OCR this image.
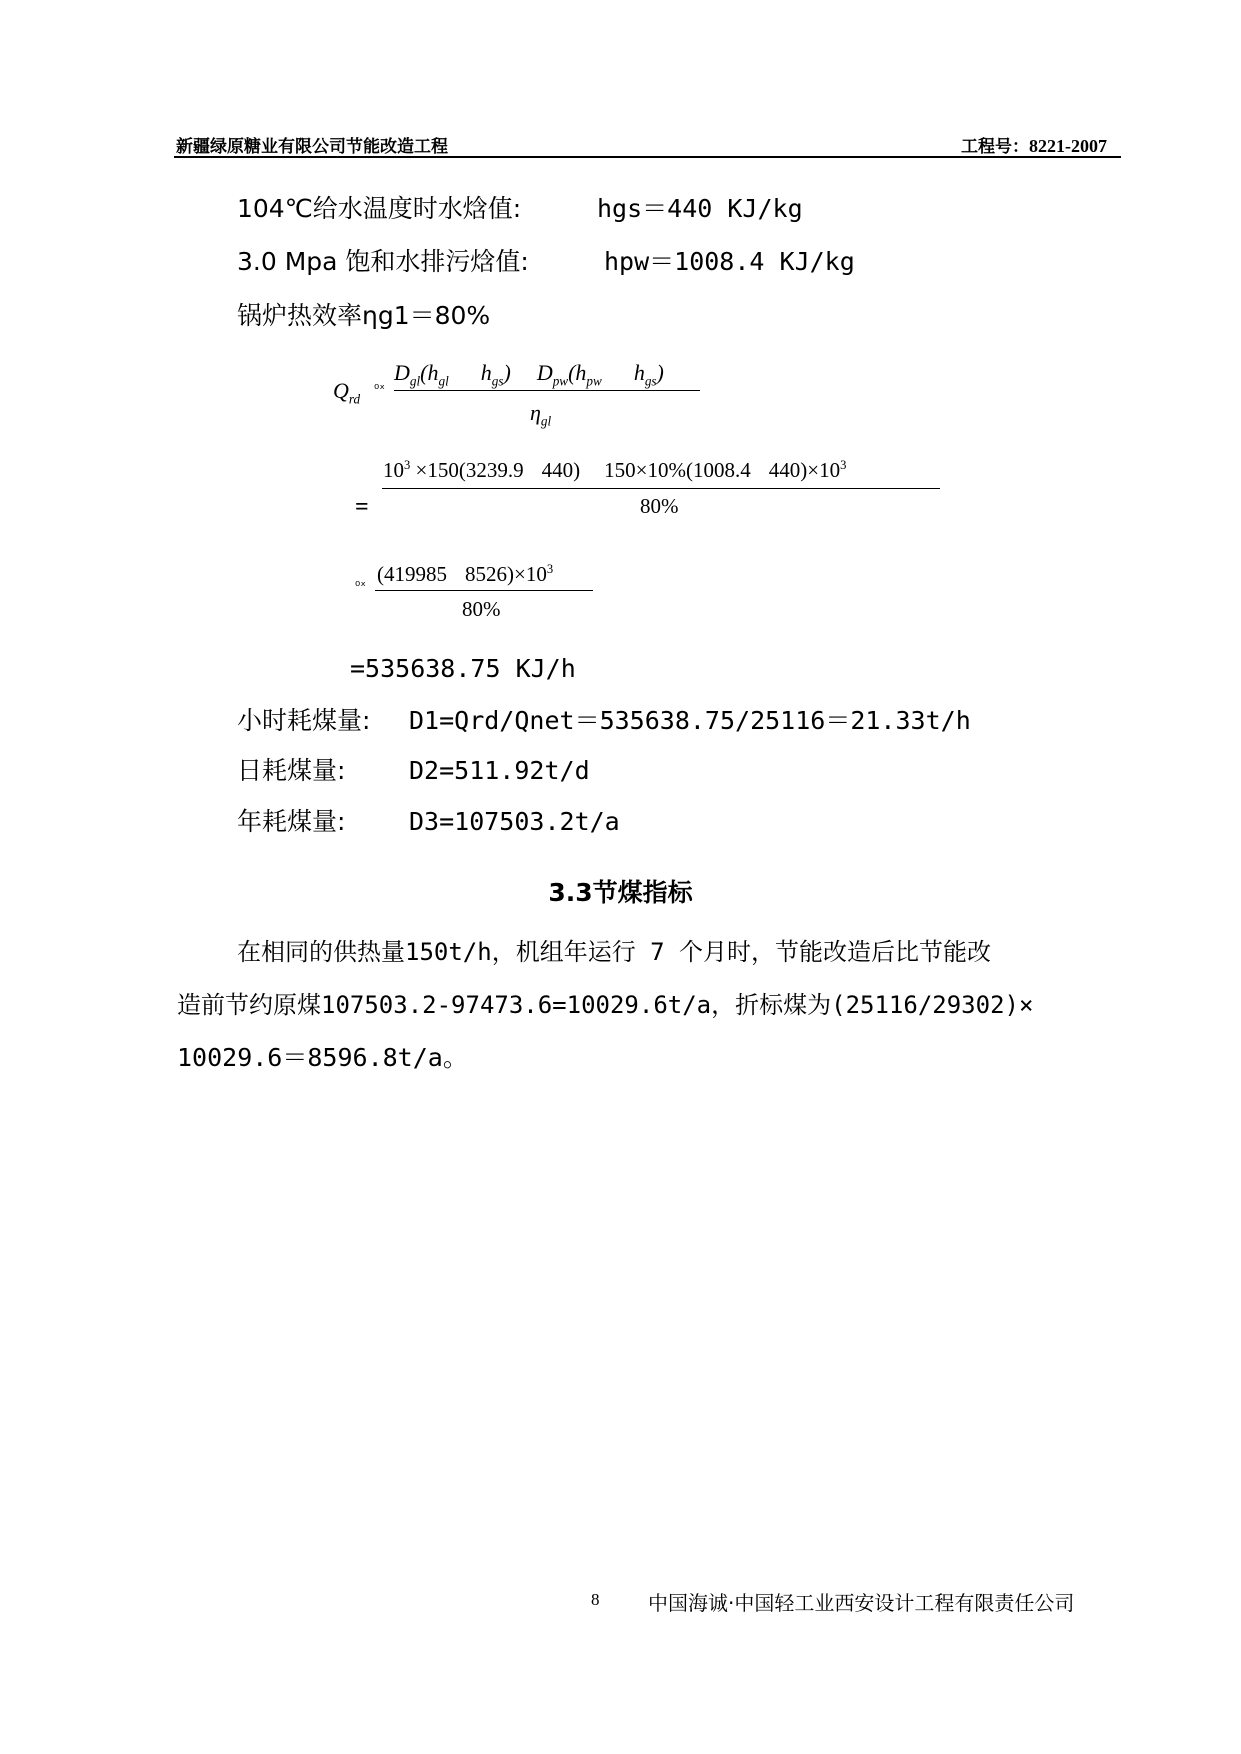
新疆绿原糖业有限公司节能改造工程	工程号：8221-2007
104℃给水温度时水焓值:	hgs＝440 KJ/kg
3.0 Mpa 饱和水排污焓值:	hpw＝1008.4 KJ/kg
锅炉热效率ηg1＝80%
$Q_{rd}$
₀ₓ
$D_{gl}(h_{gl}$ $h_{gs}$) $D_{pw}(h_{pw}$ $h_{gs}$)
$\eta_{gl}$
$10^3 \times 150(3239.9$ 440) 150×10%(1008.4 $440)\times 10^3$
=	80%
₀ₓ (419985 $8526)\times 10^3$
80%
=535638.75 KJ/h
小时耗煤量: D1=Qrd/Qnet＝535638.75/25116＝21.33t/h
日耗煤量:	D2=511.92t/d
年耗煤量:	D3=107503.2t/a
3.3节煤指标
在相同的供热量150t/h，机组年运行 7 个月时，节能改造后比节能改
造前节约原煤107503.2-97473.6=10029.6t/a，折标煤为(25116/29302)×
10029.6＝8596.8t/a。
8 中国海诚·中国轻工业西安设计工程有限责任公司
